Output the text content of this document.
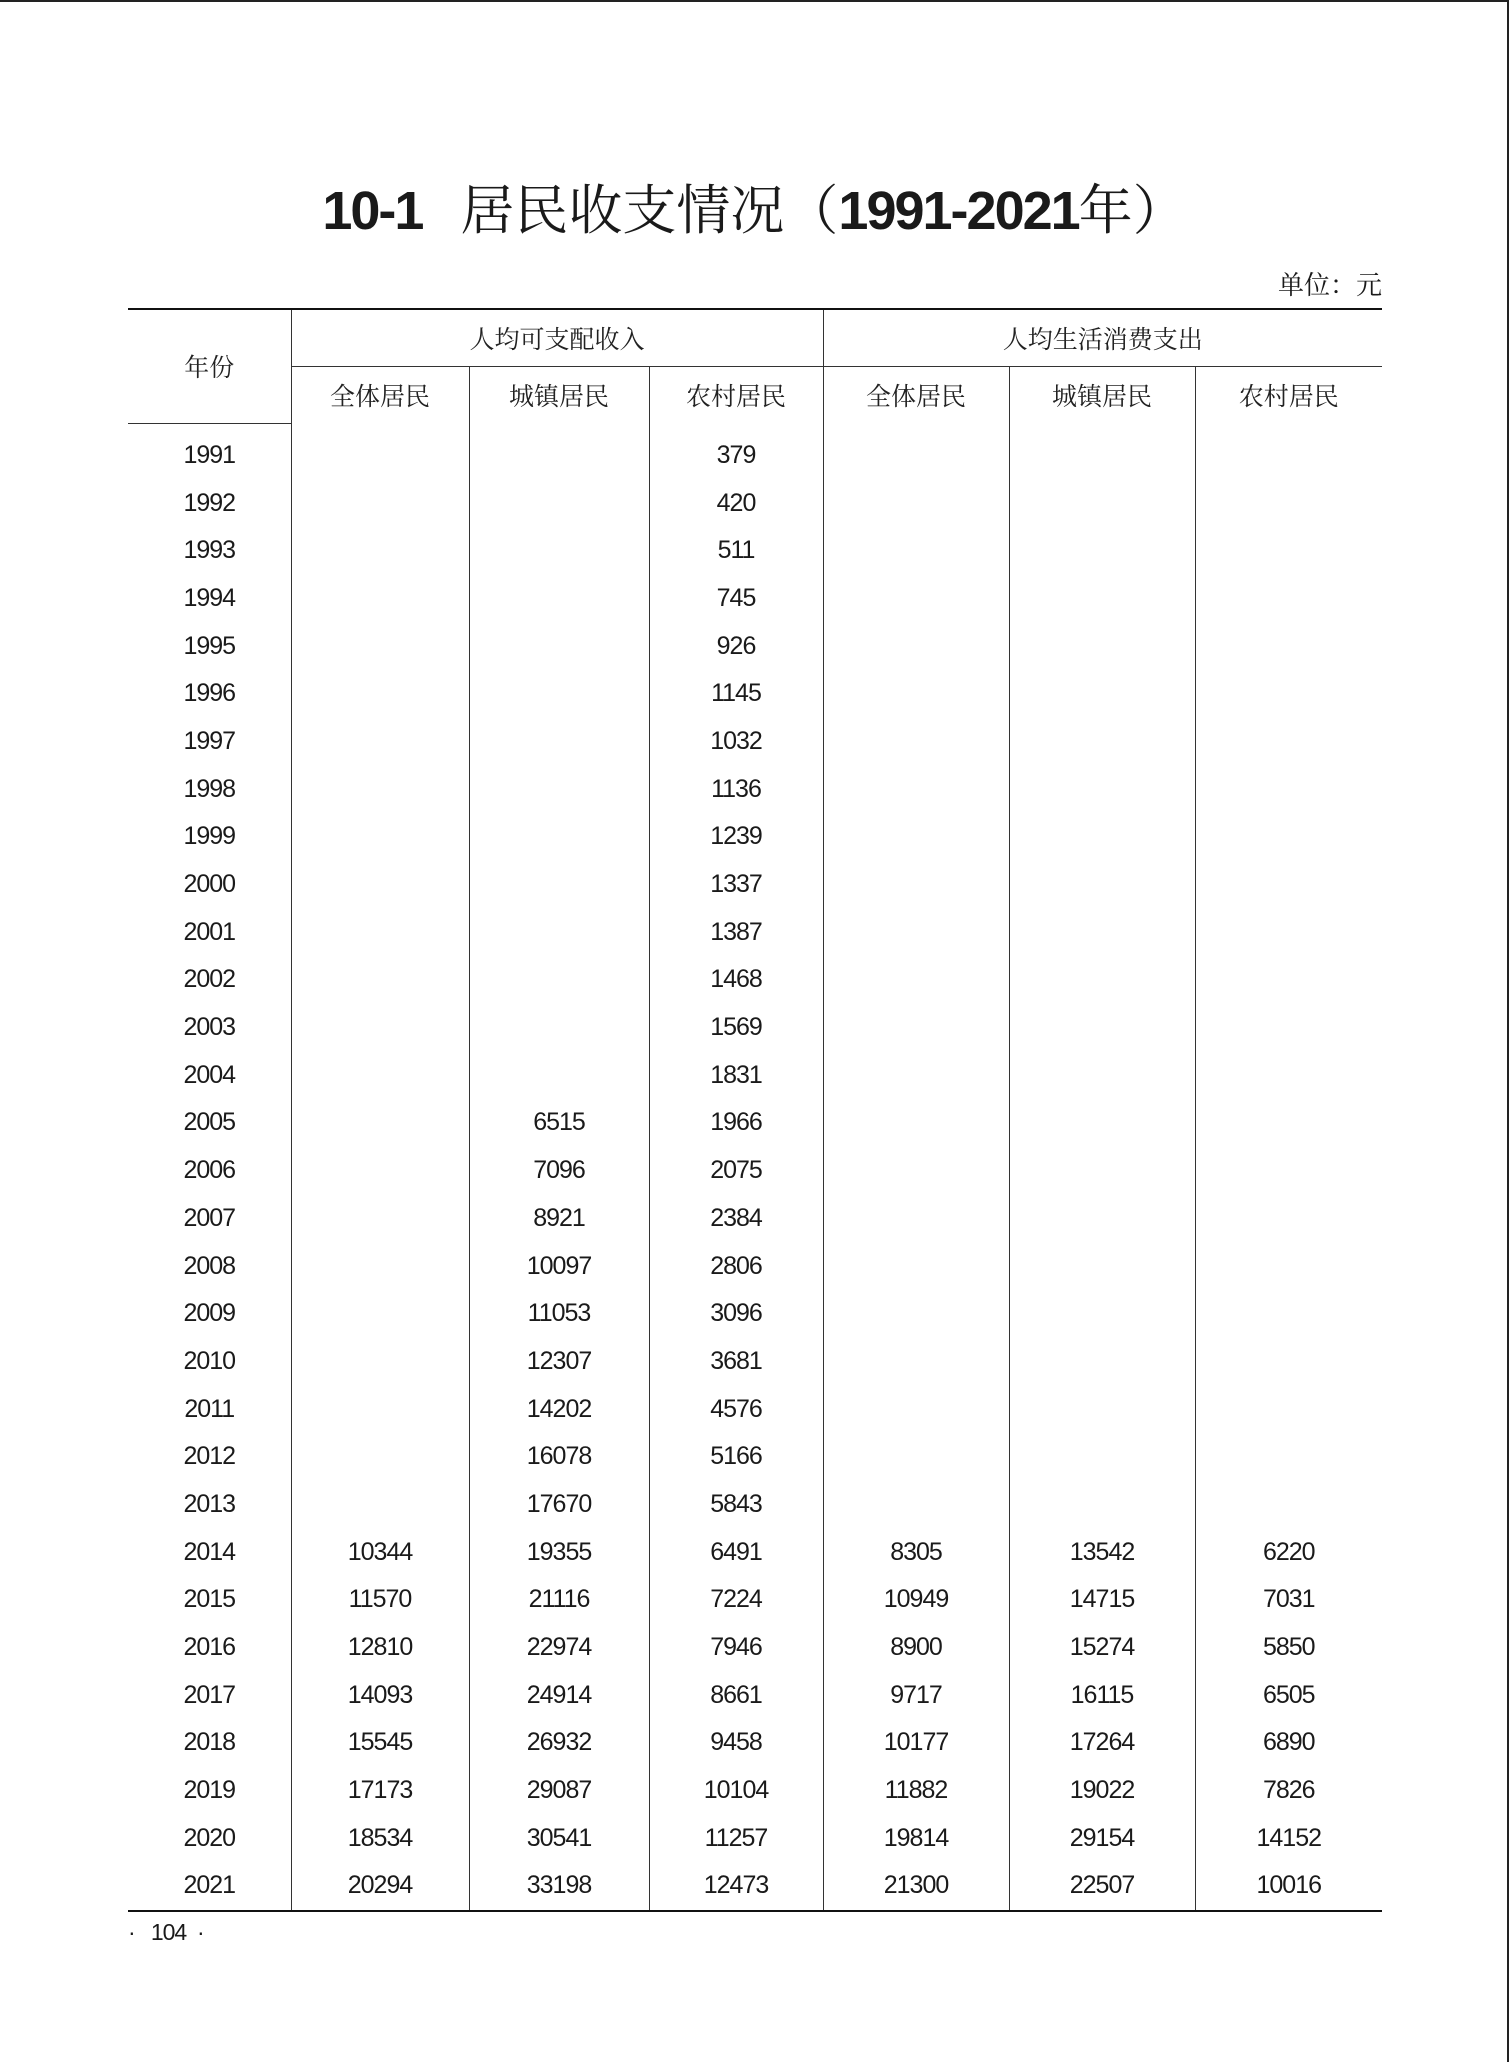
10-1 居民收支情况（1991-2021年）
单位：元
年份	人均可支配收入			人均生活消费支出		
	全体居民	城镇居民	农村居民	全体居民	城镇居民	农村居民
1991			379			
1992			420			
1993			511			
1994			745			
1995			926			
1996			1145			
1997			1032			
1998			1136			
1999			1239			
2000			1337			
2001			1387			
2002			1468			
2003			1569			
2004			1831			
2005		6515	1966			
2006		7096	2075			
2007		8921	2384			
2008		10097	2806			
2009		11053	3096			
2010		12307	3681			
2011		14202	4576			
2012		16078	5166			
2013		17670	5843			
2014	10344	19355	6491	8305	13542	6220
2015	11570	21116	7224	10949	14715	7031
2016	12810	22974	7946	8900	15274	5850
2017	14093	24914	8661	9717	16115	6505
2018	15545	26932	9458	10177	17264	6890
2019	17173	29087	10104	11882	19022	7826
2020	18534	30541	11257	19814	29154	14152
2021	20294	33198	12473	21300	22507	10016
·   104  ·
